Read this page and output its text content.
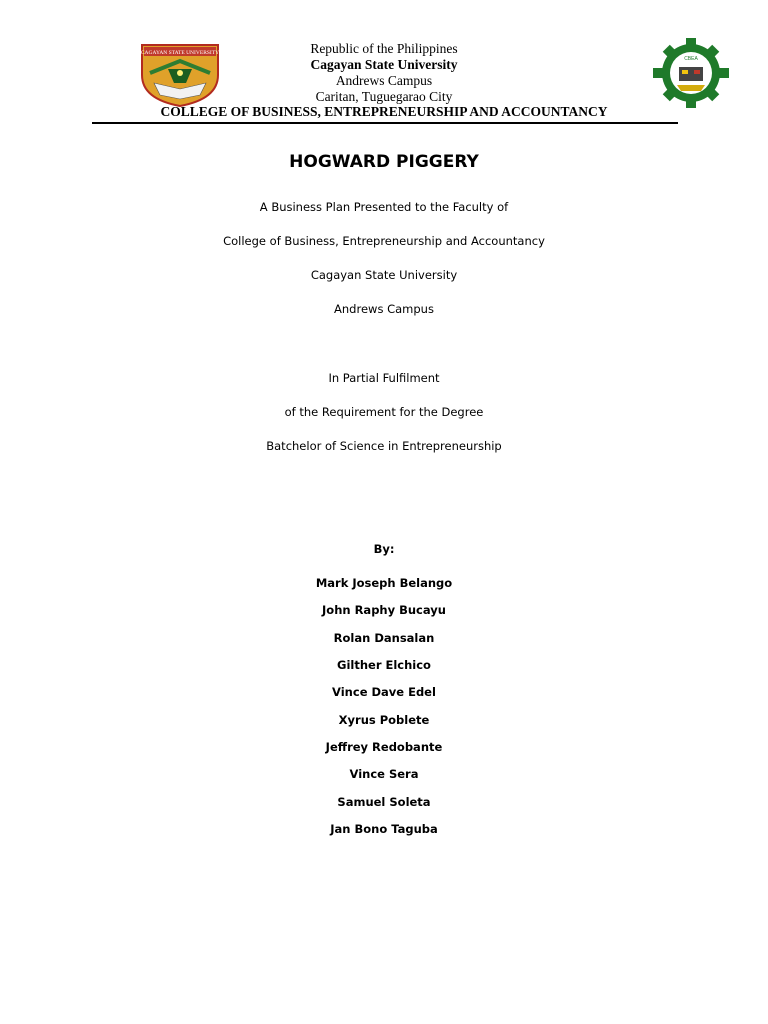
CAGAYAN STATE UNIVERSITY	Republic of the Philippines
Cagayan State University
Andrews Campus
Caritan, Tuguegarao City
COLLEGE OF BUSINESS, ENTREPRENEURSHIP AND ACCOUNTANCY
CBEA
HOGWARD PIGGERY
A Business Plan Presented to the Faculty of
College of Business, Entrepreneurship and Accountancy
Cagayan State University
Andrews Campus
In Partial Fulfilment
of the Requirement for the Degree
Batchelor of Science in Entrepreneurship
By:
Mark Joseph Belango
John Raphy Bucayu
Rolan Dansalan
Gilther Elchico
Vince Dave Edel
Xyrus Poblete
Jeffrey Redobante
Vince Sera
Samuel Soleta
Jan Bono Taguba
